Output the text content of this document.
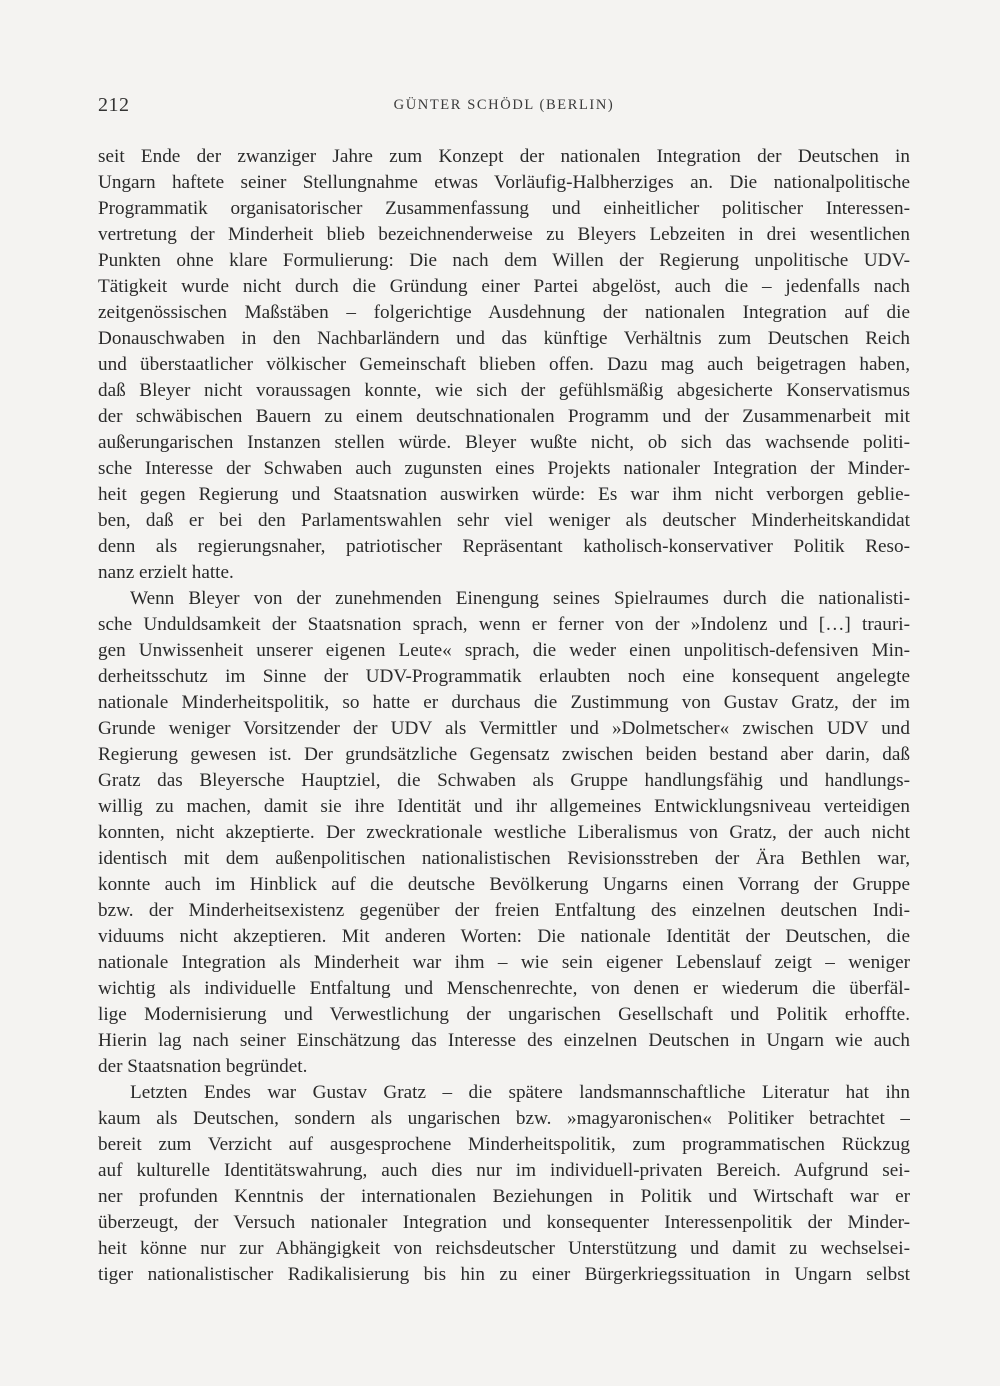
212	GÜNTER SCHÖDL (BERLIN)
seit Ende der zwanziger Jahre zum Konzept der nationalen Integration der Deutschen in
Ungarn haftete seiner Stellungnahme etwas Vorläufig-Halbherziges an. Die nationalpolitische
Programmatik organisatorischer Zusammenfassung und einheitlicher politischer Interessen-
vertretung der Minderheit blieb bezeichnenderweise zu Bleyers Lebzeiten in drei wesentlichen
Punkten ohne klare Formulierung: Die nach dem Willen der Regierung unpolitische UDV-
Tätigkeit wurde nicht durch die Gründung einer Partei abgelöst, auch die – jedenfalls nach
zeitgenössischen Maßstäben – folgerichtige Ausdehnung der nationalen Integration auf die
Donauschwaben in den Nachbarländern und das künftige Verhältnis zum Deutschen Reich
und überstaatlicher völkischer Gemeinschaft blieben offen. Dazu mag auch beigetragen haben,
daß Bleyer nicht voraussagen konnte, wie sich der gefühlsmäßig abgesicherte Konservatismus
der schwäbischen Bauern zu einem deutschnationalen Programm und der Zusammenarbeit mit
außerungarischen Instanzen stellen würde. Bleyer wußte nicht, ob sich das wachsende politi-
sche Interesse der Schwaben auch zugunsten eines Projekts nationaler Integration der Minder-
heit gegen Regierung und Staatsnation auswirken würde: Es war ihm nicht verborgen geblie-
ben, daß er bei den Parlamentswahlen sehr viel weniger als deutscher Minderheitskandidat
denn als regierungsnaher, patriotischer Repräsentant katholisch-konservativer Politik Reso-
nanz erzielt hatte.
Wenn Bleyer von der zunehmenden Einengung seines Spielraumes durch die nationalisti-
sche Unduldsamkeit der Staatsnation sprach, wenn er ferner von der »Indolenz und […] trauri-
gen Unwissenheit unserer eigenen Leute« sprach, die weder einen unpolitisch-defensiven Min-
derheitsschutz im Sinne der UDV-Programmatik erlaubten noch eine konsequent angelegte
nationale Minderheitspolitik, so hatte er durchaus die Zustimmung von Gustav Gratz, der im
Grunde weniger Vorsitzender der UDV als Vermittler und »Dolmetscher« zwischen UDV und
Regierung gewesen ist. Der grundsätzliche Gegensatz zwischen beiden bestand aber darin, daß
Gratz das Bleyersche Hauptziel, die Schwaben als Gruppe handlungsfähig und handlungs-
willig zu machen, damit sie ihre Identität und ihr allgemeines Entwicklungsniveau verteidigen
konnten, nicht akzeptierte. Der zweckrationale westliche Liberalismus von Gratz, der auch nicht
identisch mit dem außenpolitischen nationalistischen Revisionsstreben der Ära Bethlen war,
konnte auch im Hinblick auf die deutsche Bevölkerung Ungarns einen Vorrang der Gruppe
bzw. der Minderheitsexistenz gegenüber der freien Entfaltung des einzelnen deutschen Indi-
viduums nicht akzeptieren. Mit anderen Worten: Die nationale Identität der Deutschen, die
nationale Integration als Minderheit war ihm – wie sein eigener Lebenslauf zeigt – weniger
wichtig als individuelle Entfaltung und Menschenrechte, von denen er wiederum die überfäl-
lige Modernisierung und Verwestlichung der ungarischen Gesellschaft und Politik erhoffte.
Hierin lag nach seiner Einschätzung das Interesse des einzelnen Deutschen in Ungarn wie auch
der Staatsnation begründet.
Letzten Endes war Gustav Gratz – die spätere landsmannschaftliche Literatur hat ihn
kaum als Deutschen, sondern als ungarischen bzw. »magyaronischen« Politiker betrachtet –
bereit zum Verzicht auf ausgesprochene Minderheitspolitik, zum programmatischen Rückzug
auf kulturelle Identitätswahrung, auch dies nur im individuell-privaten Bereich. Aufgrund sei-
ner profunden Kenntnis der internationalen Beziehungen in Politik und Wirtschaft war er
überzeugt, der Versuch nationaler Integration und konsequenter Interessenpolitik der Minder-
heit könne nur zur Abhängigkeit von reichsdeutscher Unterstützung und damit zu wechselsei-
tiger nationalistischer Radikalisierung bis hin zu einer Bürgerkriegssituation in Ungarn selbst
